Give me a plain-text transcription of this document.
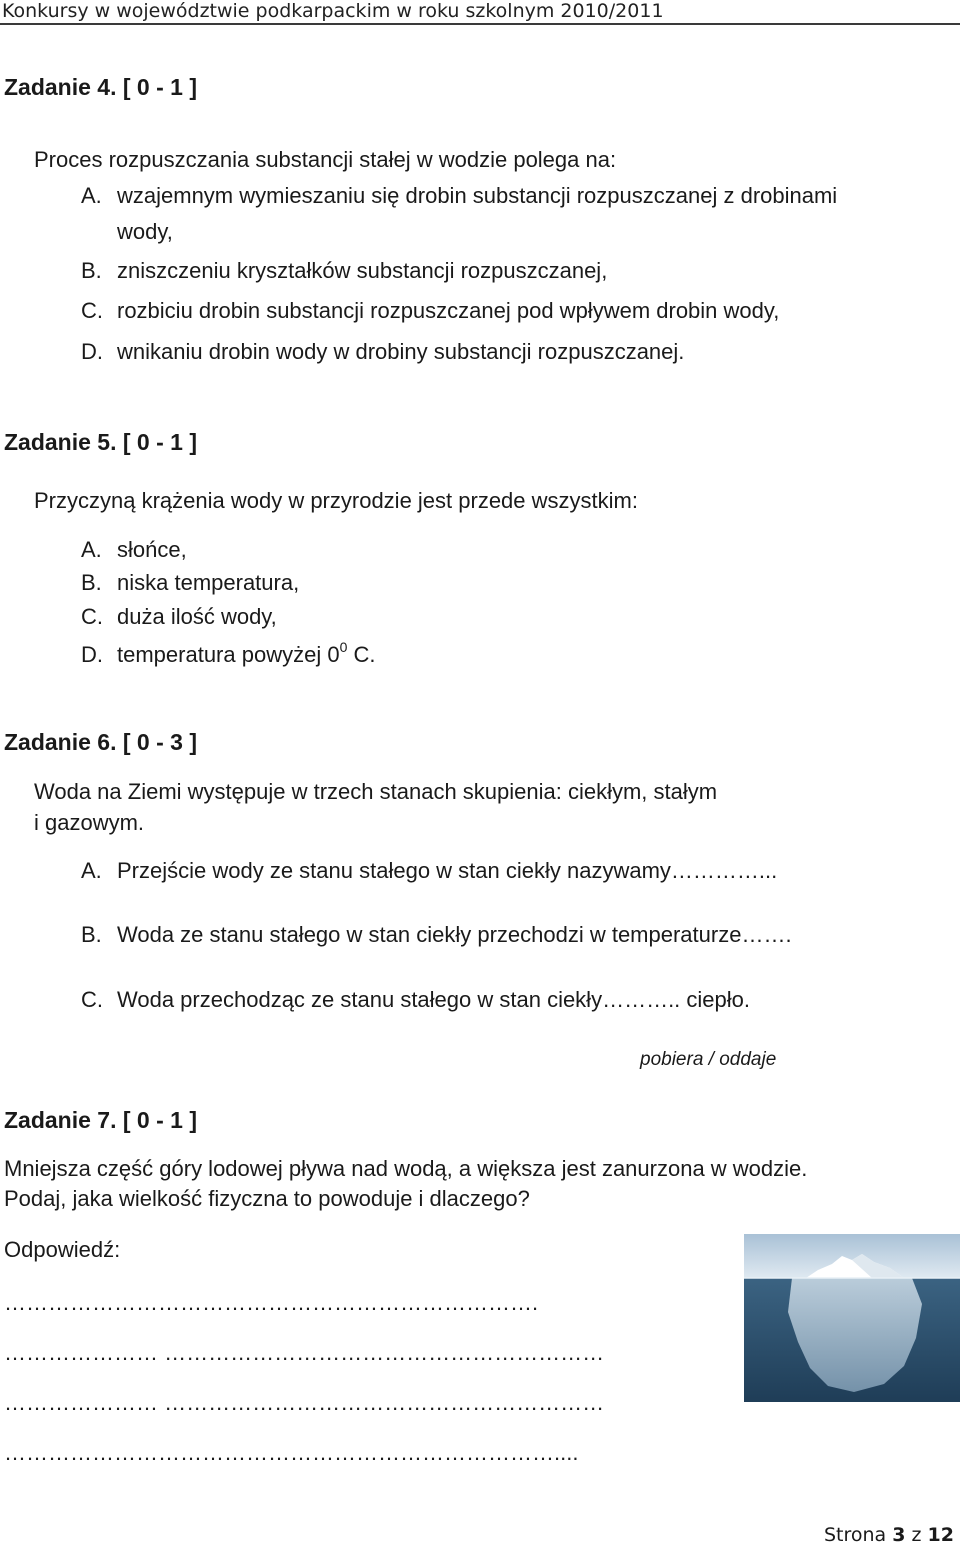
Konkursy w województwie podkarpackim w roku szkolnym 2010/2011
Zadanie 4. [ 0 - 1 ]
Proces rozpuszczania substancji stałej w wodzie polega na:
A. wzajemnym wymieszaniu się drobin substancji rozpuszczanej z drobinami
wody,
B. zniszczeniu kryształków substancji rozpuszczanej,
C. rozbiciu drobin substancji rozpuszczanej pod wpływem drobin wody,
D. wnikaniu drobin wody w drobiny substancji rozpuszczanej.
Zadanie 5. [ 0 - 1 ]
Przyczyną krążenia wody w przyrodzie jest przede wszystkim:
A. słońce,
B. niska temperatura,
C. duża ilość wody,
D. temperatura powyżej $0^0$ C.
Zadanie 6. [ 0 - 3 ]
Woda na Ziemi występuje w trzech stanach skupienia: ciekłym, stałym
i gazowym.
A. Przejście wody ze stanu stałego w stan ciekły nazywamy…………...
B. Woda ze stanu stałego w stan ciekły przechodzi w temperaturze…….
C. Woda przechodząc ze stanu stałego w stan ciekły……….. ciepło.
pobiera / oddaje
Zadanie 7. [ 0 - 1 ]
Mniejsza część góry lodowej pływa nad wodą, a większa jest zanurzona w wodzie.
Podaj, jaka wielkość fizyczna to powoduje i dlaczego?
Odpowiedź:
……………………………………………………………….
………………… ……………………………………………………
………………… ……………………………………………………
…………………………………………………………………....
Strona 3 z 12
